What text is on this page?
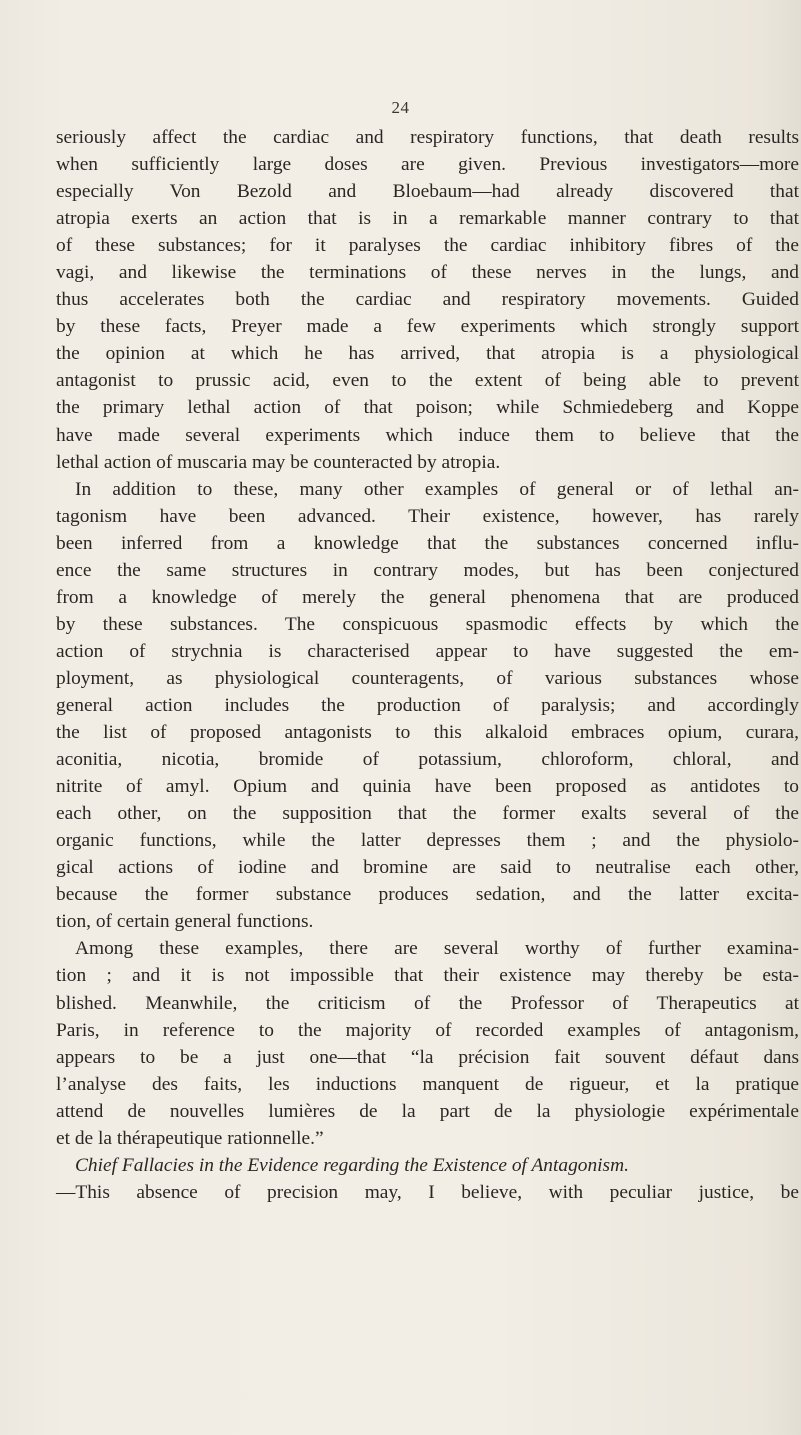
24
seriously affect the cardiac and respiratory functions, that death results
when sufficiently large doses are given. Previous investigators—more
especially Von Bezold and Bloebaum—had already discovered that
atropia exerts an action that is in a remarkable manner contrary to that
of these substances; for it paralyses the cardiac inhibitory fibres of the
vagi, and likewise the terminations of these nerves in the lungs, and
thus accelerates both the cardiac and respiratory movements. Guided
by these facts, Preyer made a few experiments which strongly support
the opinion at which he has arrived, that atropia is a physiological
antagonist to prussic acid, even to the extent of being able to prevent
the primary lethal action of that poison; while Schmiedeberg and Koppe
have made several experiments which induce them to believe that the
lethal action of muscaria may be counteracted by atropia.
In addition to these, many other examples of general or of lethal an-
tagonism have been advanced. Their existence, however, has rarely
been inferred from a knowledge that the substances concerned influ-
ence the same structures in contrary modes, but has been conjectured
from a knowledge of merely the general phenomena that are produced
by these substances. The conspicuous spasmodic effects by which the
action of strychnia is characterised appear to have suggested the em-
ployment, as physiological counteragents, of various substances whose
general action includes the production of paralysis; and accordingly
the list of proposed antagonists to this alkaloid embraces opium, curara,
aconitia, nicotia, bromide of potassium, chloroform, chloral, and
nitrite of amyl. Opium and quinia have been proposed as antidotes to
each other, on the supposition that the former exalts several of the
organic functions, while the latter depresses them ; and the physiolo-
gical actions of iodine and bromine are said to neutralise each other,
because the former substance produces sedation, and the latter excita-
tion, of certain general functions.
Among these examples, there are several worthy of further examina-
tion ; and it is not impossible that their existence may thereby be esta-
blished. Meanwhile, the criticism of the Professor of Therapeutics at
Paris, in reference to the majority of recorded examples of antagonism,
appears to be a just one—that “la précision fait souvent défaut dans
l’analyse des faits, les inductions manquent de rigueur, et la pratique
attend de nouvelles lumières de la part de la physiologie expérimentale
et de la thérapeutique rationnelle.”
Chief Fallacies in the Evidence regarding the Existence of Antagonism.
—This absence of precision may, I believe, with peculiar justice, be
